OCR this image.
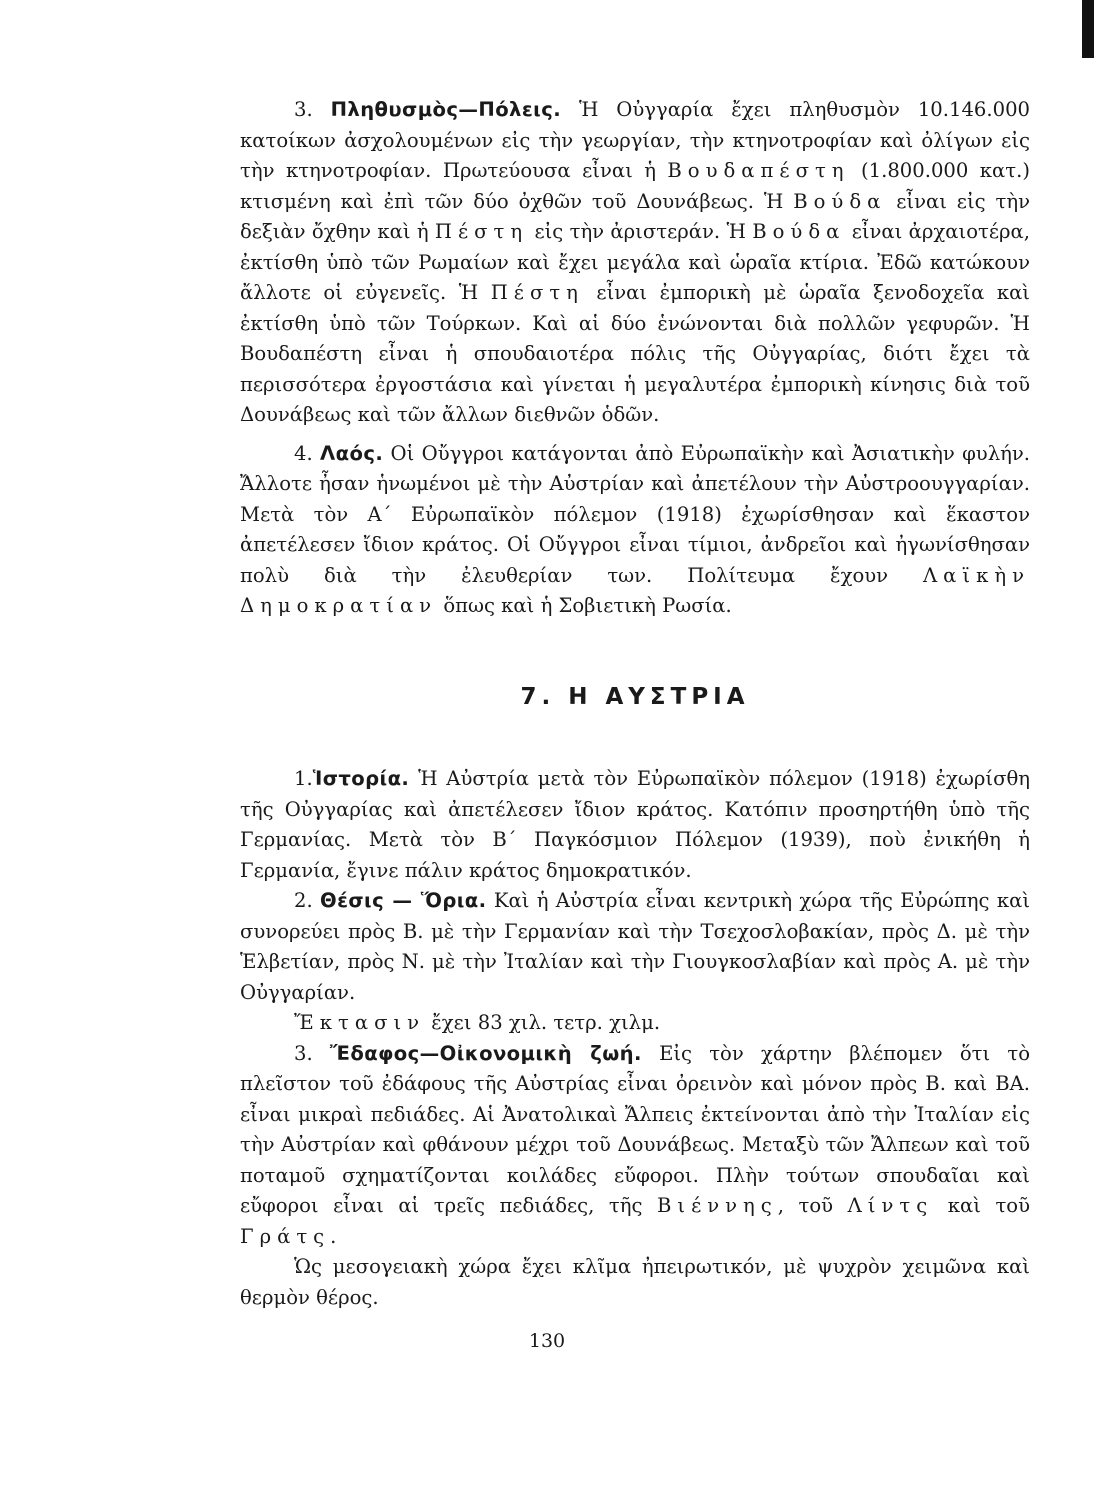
3. Πληθυσμὸς—Πόλεις. Ἡ Οὐγγαρία ἔχει πληθυσμὸν 10.146.000 κατοίκων ἀσχολουμένων εἰς τὴν γεωργίαν, τὴν κτηνοτροφίαν καὶ ὀλίγων εἰς τὴν κτηνοτροφίαν. Πρωτεύουσα εἶναι ἡ Βουδαπέστη (1.800.000 κατ.) κτισμένη καὶ ἐπὶ τῶν δύο ὀχθῶν τοῦ Δουνάβεως. Ἡ Βούδα εἶναι εἰς τὴν δεξιὰν ὄχθην καὶ ἡ Πέστη εἰς τὴν ἀριστεράν. Ἡ Βούδα εἶναι ἀρχαιοτέρα, ἐκτίσθη ὑπὸ τῶν Ρωμαίων καὶ ἔχει μεγάλα καὶ ὡραῖα κτίρια. Ἐδῶ κατώκουν ἄλλοτε οἱ εὐγενεῖς. Ἡ Πέστη εἶναι ἐμπορικὴ μὲ ὡραῖα ξενοδοχεῖα καὶ ἐκτίσθη ὑπὸ τῶν Τούρκων. Καὶ αἱ δύο ἑνώνονται διὰ πολλῶν γεφυρῶν. Ἡ Βουδαπέστη εἶναι ἡ σπουδαιοτέρα πόλις τῆς Οὐγγαρίας, διότι ἔχει τὰ περισσότερα ἐργοστάσια καὶ γίνεται ἡ μεγαλυτέρα ἐμπορικὴ κίνησις διὰ τοῦ Δουνάβεως καὶ τῶν ἄλλων διεθνῶν ὁδῶν.

4. Λαός. Οἱ Οὔγγροι κατάγονται ἀπὸ Εὐρωπαϊκὴν καὶ Ἀσιατικὴν φυλήν. Ἄλλοτε ἦσαν ἡνωμένοι μὲ τὴν Αὐστρίαν καὶ ἀπετέλουν τὴν Αὐστροουγγαρίαν. Μετὰ τὸν Α΄ Εὐρωπαϊκὸν πόλεμον (1918) ἐχωρίσθησαν καὶ ἕκαστον ἀπετέλεσεν ἴδιον κράτος. Οἱ Οὔγγροι εἶναι τίμιοι, ἀνδρεῖοι καὶ ἠγωνίσθησαν πολὺ διὰ τὴν ἐλευθερίαν των. Πολίτευμα ἔχουν Λαϊκὴν Δημοκρατίαν ὅπως καὶ ἡ Σοβιετικὴ Ρωσία.

7. Η ΑΥΣΤΡΙΑ

1.Ἱστορία. Ἡ Αὐστρία μετὰ τὸν Εὐρωπαϊκὸν πόλεμον (1918) ἐχωρίσθη τῆς Οὐγγαρίας καὶ ἀπετέλεσεν ἴδιον κράτος. Κατόπιν προσηρτήθη ὑπὸ τῆς Γερμανίας. Μετὰ τὸν Β΄ Παγκόσμιον Πόλεμον (1939), ποὺ ἐνικήθη ἡ Γερμανία, ἔγινε πάλιν κράτος δημοκρατικόν.

2. Θέσις — Ὅρια. Καὶ ἡ Αὐστρία εἶναι κεντρικὴ χώρα τῆς Εὐρώπης καὶ συνορεύει πρὸς Β. μὲ τὴν Γερμανίαν καὶ τὴν Τσεχοσλοβακίαν, πρὸς Δ. μὲ τὴν Ἑλβετίαν, πρὸς Ν. μὲ τὴν Ἰταλίαν καὶ τὴν Γιουγκοσλαβίαν καὶ πρὸς Α. μὲ τὴν Οὐγγαρίαν.

Ἔκτασιν ἔχει 83 χιλ. τετρ. χιλμ.

3. Ἔδαφος—Οἰκονομικὴ ζωή. Εἰς τὸν χάρτην βλέπομεν ὅτι τὸ πλεῖστον τοῦ ἐδάφους τῆς Αὐστρίας εἶναι ὀρεινὸν καὶ μόνον πρὸς Β. καὶ ΒΑ. εἶναι μικραὶ πεδιάδες. Αἱ Ἀνατολικαὶ Ἄλπεις ἐκτείνονται ἀπὸ τὴν Ἰταλίαν εἰς τὴν Αὐστρίαν καὶ φθάνουν μέχρι τοῦ Δουνάβεως. Μεταξὺ τῶν Ἄλπεων καὶ τοῦ ποταμοῦ σχηματίζονται κοιλάδες εὔφοροι. Πλὴν τούτων σπουδαῖαι καὶ εὔφοροι εἶναι αἱ τρεῖς πεδιάδες, τῆς Βιέννης, τοῦ Λίντς καὶ τοῦ Γράτς.

Ὡς μεσογειακὴ χώρα ἔχει κλῖμα ἠπειρωτικόν, μὲ ψυχρὸν χειμῶνα καὶ θερμὸν θέρος.

130
